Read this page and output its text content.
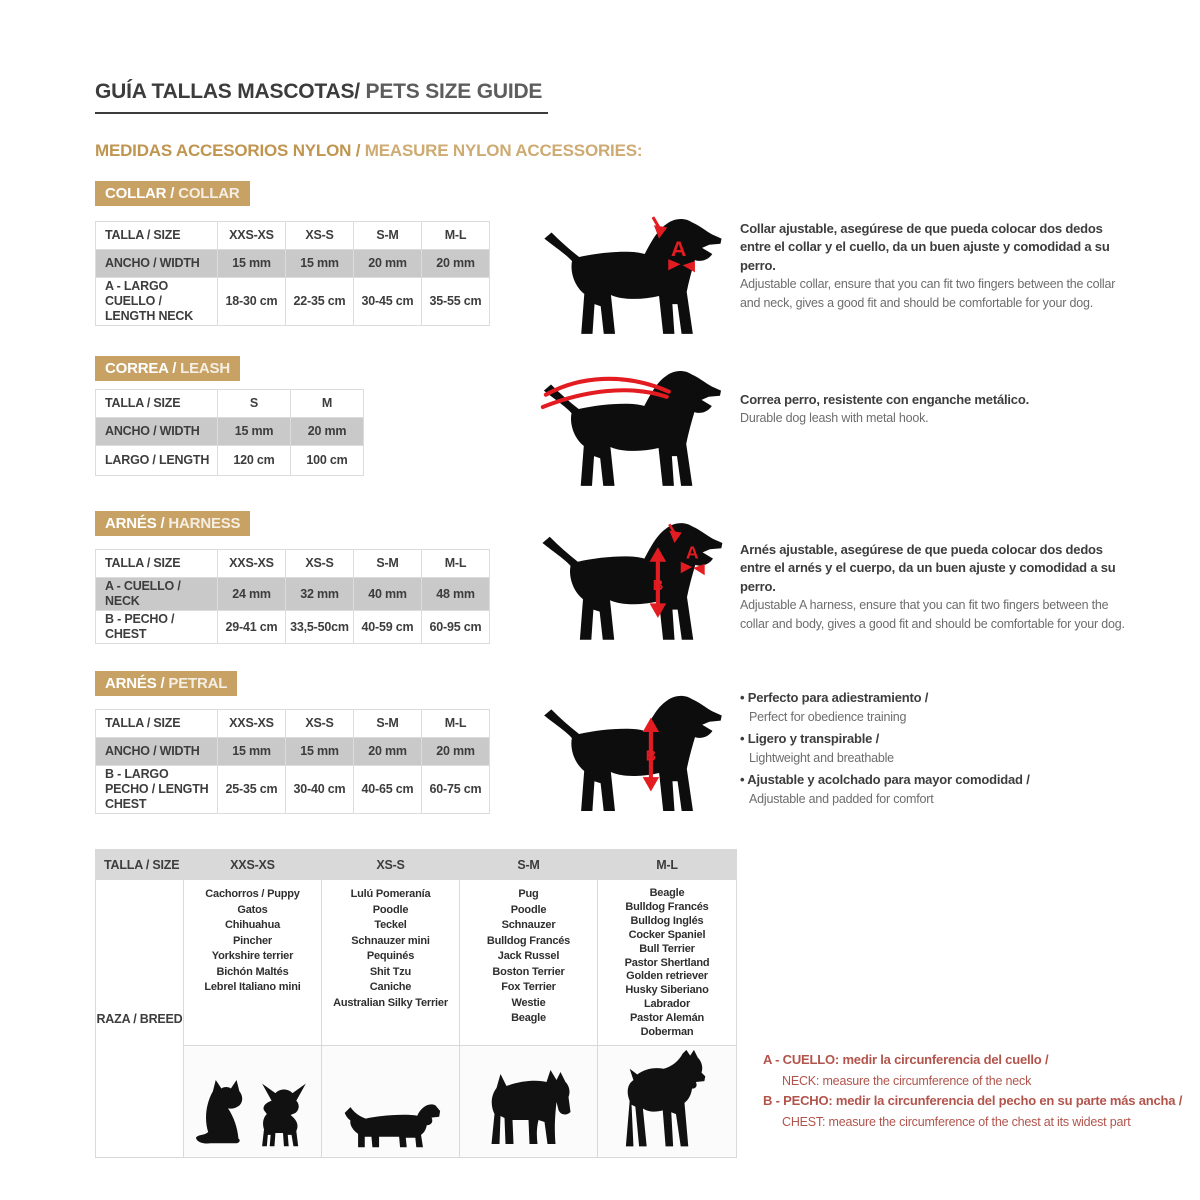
GUÍA TALLAS MASCOTAS/ PETS SIZE GUIDE
MEDIDAS ACCESORIOS NYLON / MEASURE NYLON ACCESSORIES:
COLLAR / COLLAR
TALLA / SIZE	XXS-XS	XS-S	S-M	M-L
ANCHO / WIDTH	15 mm	15 mm	20 mm	20 mm
A - LARGO CUELLO / LENGTH NECK	18-30 cm	22-35 cm	30-45 cm	35-55 cm
A
Collar ajustable, asegúrese de que pueda colocar dos dedos entre el collar y el cuello, da un buen ajuste y comodidad a su perro.
Adjustable collar, ensure that you can fit two fingers between the collar and neck, gives a good fit and should be comfortable for your dog.
CORREA / LEASH
TALLA / SIZE	S	M
ANCHO / WIDTH	15 mm	20 mm
LARGO / LENGTH	120 cm	100 cm
Correa perro, resistente con enganche metálico.
Durable dog leash with metal hook.
ARNÉS / HARNESS
TALLA / SIZE	XXS-XS	XS-S	S-M	M-L
A - CUELLO / NECK	24 mm	32 mm	40 mm	48 mm
B - PECHO / CHEST	29-41 cm	33,5-50cm	40-59 cm	60-95 cm
A
B
Arnés ajustable, asegúrese de que pueda colocar dos dedos entre el arnés y el cuerpo, da un buen ajuste y comodidad a su perro.
Adjustable A harness, ensure that you can fit two fingers between the collar and body, gives a good fit and should be comfortable for your dog.
ARNÉS / PETRAL
TALLA / SIZE	XXS-XS	XS-S	S-M	M-L
ANCHO / WIDTH	15 mm	15 mm	20 mm	20 mm
B - LARGO PECHO / LENGTH CHEST	25-35 cm	30-40 cm	40-65 cm	60-75 cm
B
• Perfecto para adiestramiento /
Perfect for obedience training
• Ligero y transpirable /
Lightweight and breathable
• Ajustable y acolchado para mayor comodidad /
Adjustable and padded for comfort
TALLA / SIZE	XXS-XS	XS-S	S-M	M-L
RAZA / BREED	
Cachorros / Puppy
Gatos
Chihuahua
Pincher
Yorkshire terrier
Bichón Maltés
Lebrel Italiano mini

Lulú Pomeranía
Poodle
Teckel
Schnauzer mini
Pequinés
Shit Tzu
Caniche
Australian Silky Terrier

Pug
Poodle
Schnauzer
Bulldog Francés
Jack Russel
Boston Terrier
Fox Terrier
Westie
Beagle

Beagle
Bulldog Francés
Bulldog Inglés
Cocker Spaniel
Bull Terrier
Pastor Shertland
Golden retriever
Husky Siberiano
Labrador
Pastor Alemán
Doberman

A - CUELLO: medir la circunferencia del cuello /
NECK: measure the circumference of the neck
B - PECHO: medir la circunferencia del pecho en su parte más ancha /
CHEST: measure the circumference of the chest at its widest part
